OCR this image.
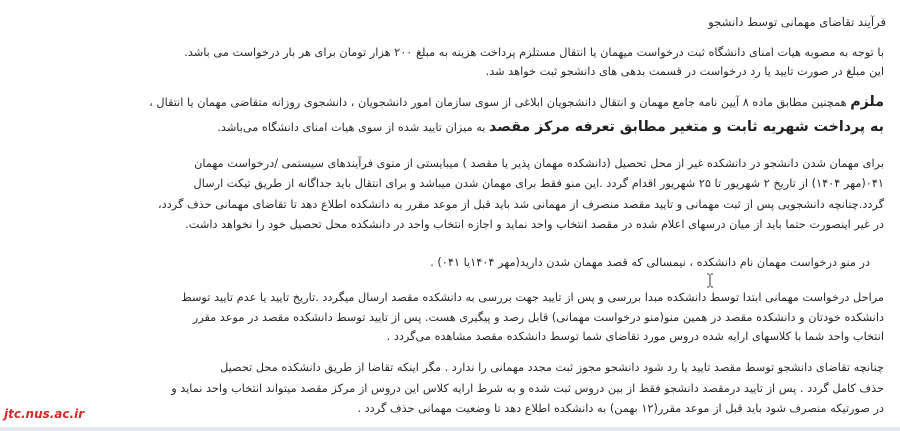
فرآیند تقاضای مهمانی توسط دانشجو
با توجه به مصوبه هیات امنای دانشگاه ثبت درخواست میهمان یا انتقال مستلزم پرداخت هزینه به مبلغ ۲۰۰ هزار تومان برای هر بار درخواست می باشد.
این مبلغ در صورت تایید یا رد درخواست در قسمت بدهی های دانشجو ثبت خواهد شد.
ملزم همچنین مطابق ماده ۸ آیین نامه جامع مهمان و انتقال دانشجویان ابلاغی از سوی سازمان امور دانشجویان ، دانشجوی روزانه متقاضی مهمان یا انتقال ،
به پرداخت شهریه ثابت و متغیر مطابق تعرفه مرکز مقصد به میزان تایید شده از سوی هیات امنای دانشگاه می‌باشد.
برای مهمان شدن دانشجو در دانشکده غیر از محل تحصیل (دانشکده مهمان پذیر یا مقصد ) میبایستی از منوی فرآیندهای سیستمی /درخواست مهمان
۰۴۱(مهر ۱۴۰۴) از تاریخ ۲ شهریور تا ۲۵ شهریور اقدام گردد .این منو فقط برای مهمان شدن میباشد و برای انتقال باید جداگانه از طریق تیکت ارسال
گردد.چنانچه دانشجویی پس از ثبت مهمانی و تایید مقصد منصرف از مهمانی شد باید قبل از موعد مقرر به دانشکده اطلاع دهد تا تقاضای مهمانی حذف گردد،
در غیر اینصورت حتما باید از میان درسهای اعلام شده در مقصد انتخاب واحد نماید و اجازه انتخاب واحد در دانشکده محل تحصیل خود را نخواهد داشت.
در منو درخواست مهمان نام دانشکده ، نیمسالی که قصد مهمان شدن دارید(مهر ۱۴۰۴یا ۰۴۱) .
مراحل درخواست مهمانی ابتدا توسط دانشکده مبدا بررسی و پس از تایید جهت بررسی به دانشکده مقصد ارسال میگردد .تاریخ تایید یا عدم تایید توسط
دانشکده خودتان و دانشکده مقصد در همین منو(منو درخواست مهمانی) قابل رصد و پیگیری هست. پس از تایید توسط دانشکده مقصد در موعد مقرر
انتخاب واحد شما با کلاسهای ارایه شده دروس مورد تقاضای شما توسط دانشکده مقصد مشاهده می‌گردد .
چنانچه تقاضای دانشجو توسط مقصد تایید یا رد شود دانشجو مجوز ثبت مجدد مهمانی را ندارد . مگر اینکه تقاضا از طریق دانشکده محل تحصیل
حذف کامل گردد . پس از تایید درمقصد دانشجو فقط از بین دروس ثبت شده و به شرط ارایه کلاس این دروس از مرکز مقصد میتواند انتخاب واحد نماید و
در صورتیکه منصرف شود باید قبل از موعد مقرر(۱۲ بهمن) به دانشکده اطلاع دهد تا وضعیت مهمانی حذف گردد .
jtc.nus.ac.ir
